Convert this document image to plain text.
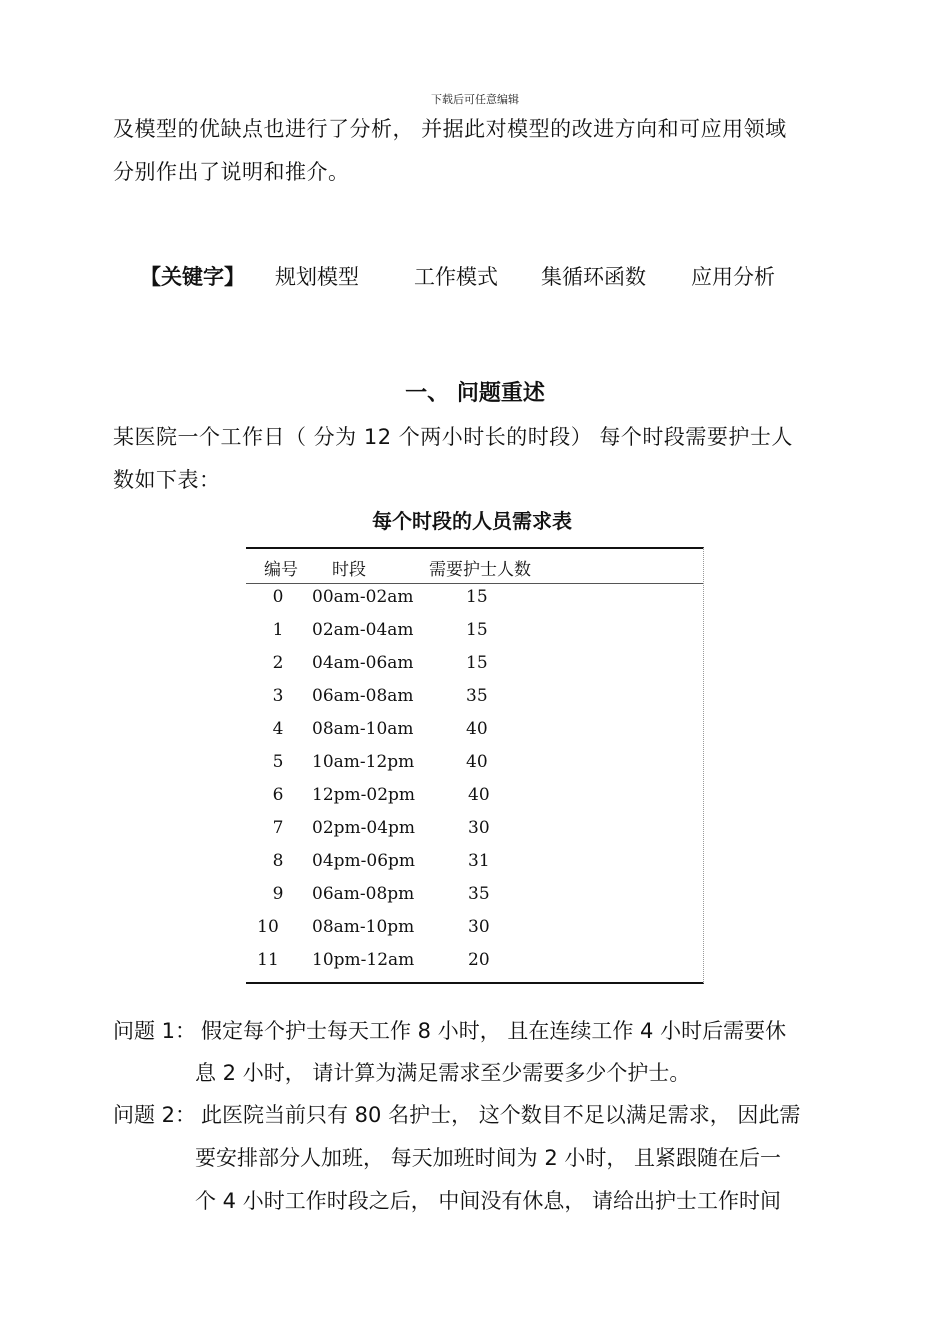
下载后可任意编辑
及模型的优缺点也进行了分析， 并据此对模型的改进方向和可应用领域
分别作出了说明和推介。
【关键字】 规划模型	工作模式 集循环函数 应用分析
一、 问题重述
某医院一个工作日（ 分为 12 个两小时长的时段） 每个时段需要护士人
数如下表：
每个时段的人员需求表
编号 时段	需要护士人数
0	00am-02am	15
1	02am-04am	15
2	04am-06am	15
3	06am-08am	35
4	08am-10am	40
5	10am-12pm	40
6	12pm-02pm	40
7	02pm-04pm	30
8	04pm-06pm	31
9	06am-08pm	35
10	08am-10pm	30
11	10pm-12am	20
问题 1： 假定每个护士每天工作 8 小时， 且在连续工作 4 小时后需要休
息 2 小时， 请计算为满足需求至少需要多少个护士。
问题 2： 此医院当前只有 80 名护士， 这个数目不足以满足需求， 因此需
要安排部分人加班， 每天加班时间为 2 小时， 且紧跟随在后一
个 4 小时工作时段之后， 中间没有休息， 请给出护士工作时间
